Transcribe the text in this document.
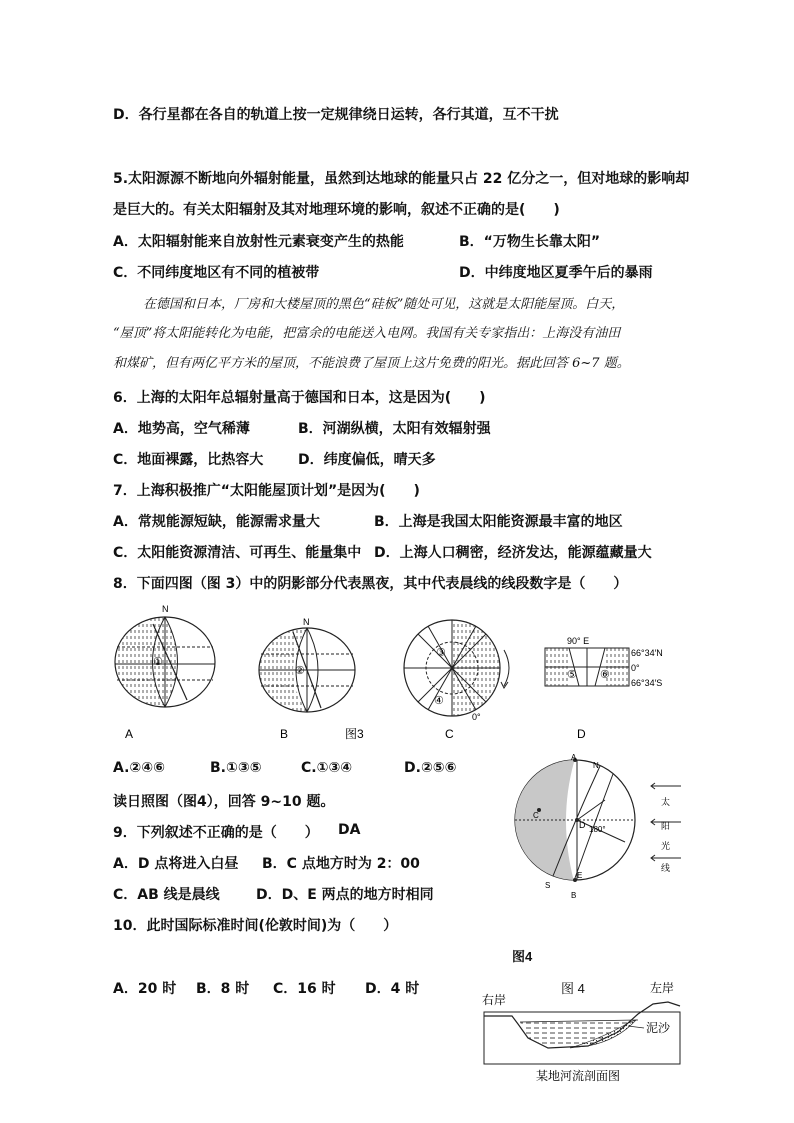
D．各行星都在各自的轨道上按一定规律绕日运转，各行其道，互不干扰
5.太阳源源不断地向外辐射能量，虽然到达地球的能量只占 22 亿分之一，但对地球的影响却
是巨大的。有关太阳辐射及其对地理环境的影响，叙述不正确的是(　　)
A．太阳辐射能来自放射性元素衰变产生的热能	B．“万物生长靠太阳”
C．不同纬度地区有不同的植被带	D．中纬度地区夏季午后的暴雨
在德国和日本，厂房和大楼屋顶的黑色“硅板”随处可见，这就是太阳能屋顶。白天，
“屋顶”将太阳能转化为电能，把富余的电能送入电网。我国有关专家指出：上海没有油田
和煤矿，但有两亿平方米的屋顶，不能浪费了屋顶上这片免费的阳光。据此回答 6~7 题。
6．上海的太阳年总辐射量高于德国和日本，这是因为(　　)
A．地势高，空气稀薄	B．河湖纵横，太阳有效辐射强
C．地面裸露，比热容大 D．纬度偏低，晴天多
7．上海积极推广“太阳能屋顶计划”是因为(　　)
A．常规能源短缺，能源需求量大	B．上海是我国太阳能资源最丰富的地区
C．太阳能资源清洁、可再生、能量集中 D．上海人口稠密，经济发达，能源蕴藏量大
8．下面四图（图 3）中的阴影部分代表黑夜，其中代表晨线的线段数字是（　　）
N
①
A
N
②
B	图3
③
④
0°
C
90° E
66°34′N
0°
66°34′S
⑤ ⑥
D
A.②④⑥	B.①③⑤	C.①③④	D.②⑤⑥
读日照图（图4），回答 9~10 题。
9．下列叙述不正确的是（　　） DA
A．D 点将进入白昼 B．C 点地方时为 2：00
C．AB 线是晨线	D．D、E 两点的地方时相同
10．此时国际标准时间(伦敦时间)为（　　）
A．20 时 B．8 时 C．16 时 D．4 时
A
B
C
D
E
N
S
180°
太
阳
光
线
图4
图 4
右岸
左岸
泥沙
某地河流剖面图
